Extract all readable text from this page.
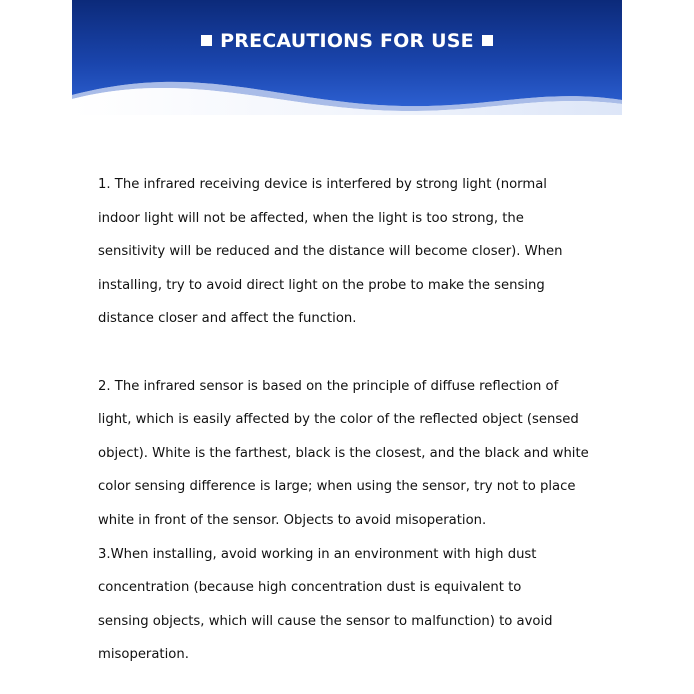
PRECAUTIONS FOR USE
1. The infrared receiving device is interfered by strong light (normal
indoor light will not be affected, when the light is too strong, the
sensitivity will be reduced and the distance will become closer). When
installing, try to avoid direct light on the probe to make the sensing
distance closer and affect the function.
2. The infrared sensor is based on the principle of diffuse reflection of
light, which is easily affected by the color of the reflected object (sensed
object). White is the farthest, black is the closest, and the black and white
color sensing difference is large; when using the sensor, try not to place
white in front of the sensor. Objects to avoid misoperation.
3.When installing, avoid working in an environment with high dust
concentration (because high concentration dust is equivalent to
sensing objects, which will cause the sensor to malfunction) to avoid
misoperation.
